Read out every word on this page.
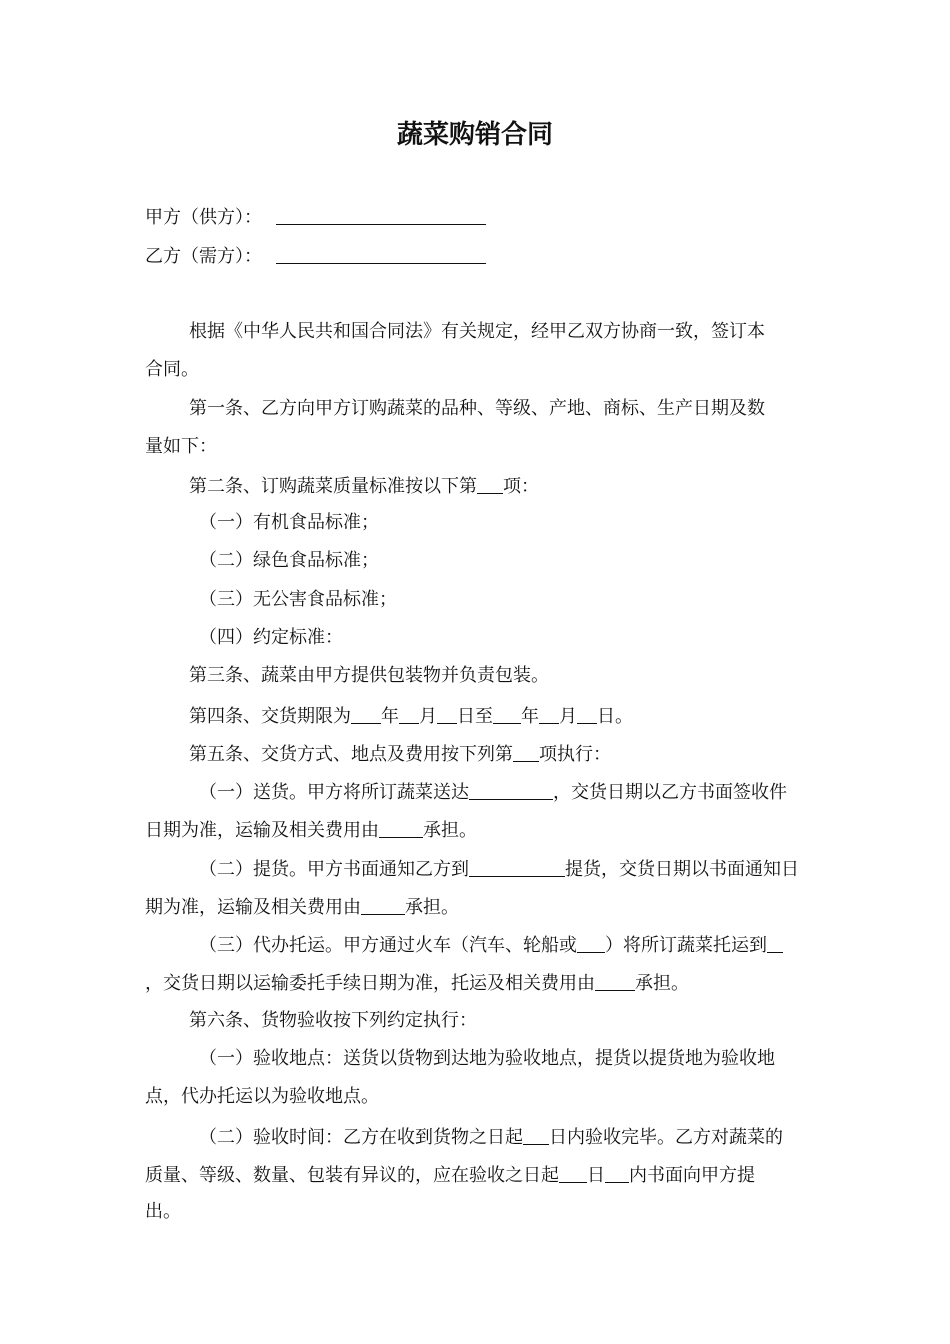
蔬菜购销合同
甲方（供方）：
乙方（需方）：
根据《中华人民共和国合同法》有关规定，经甲乙双方协商一致，签订本
合同。
第一条、乙方向甲方订购蔬菜的品种、等级、产地、商标、生产日期及数
量如下：
第二条、订购蔬菜质量标准按以下第 项：
（一）有机食品标准；
（二）绿色食品标准；
（三）无公害食品标准；
（四）约定标准：
第三条、蔬菜由甲方提供包装物并负责包装。
第四条、交货期限为 年 月 日至 年 月 日。
第五条、交货方式、地点及费用按下列第 项执行：
（一）送货。甲方将所订蔬菜送达	，交货日期以乙方书面签收件
日期为准，运输及相关费用由 承担。
（二）提货。甲方书面通知乙方到	提货，交货日期以书面通知日
期为准，运输及相关费用由 承担。
（三）代办托运。甲方通过火车（汽车、轮船或 ）将所订蔬菜托运到
，交货日期以运输委托手续日期为准，托运及相关费用由 承担。
第六条、货物验收按下列约定执行：
（一）验收地点：送货以货物到达地为验收地点，提货以提货地为验收地
点，代办托运以为验收地点。
（二）验收时间：乙方在收到货物之日起 日内验收完毕。乙方对蔬菜的
质量、等级、数量、包装有异议的，应在验收之日起 日 内书面向甲方提
出。
